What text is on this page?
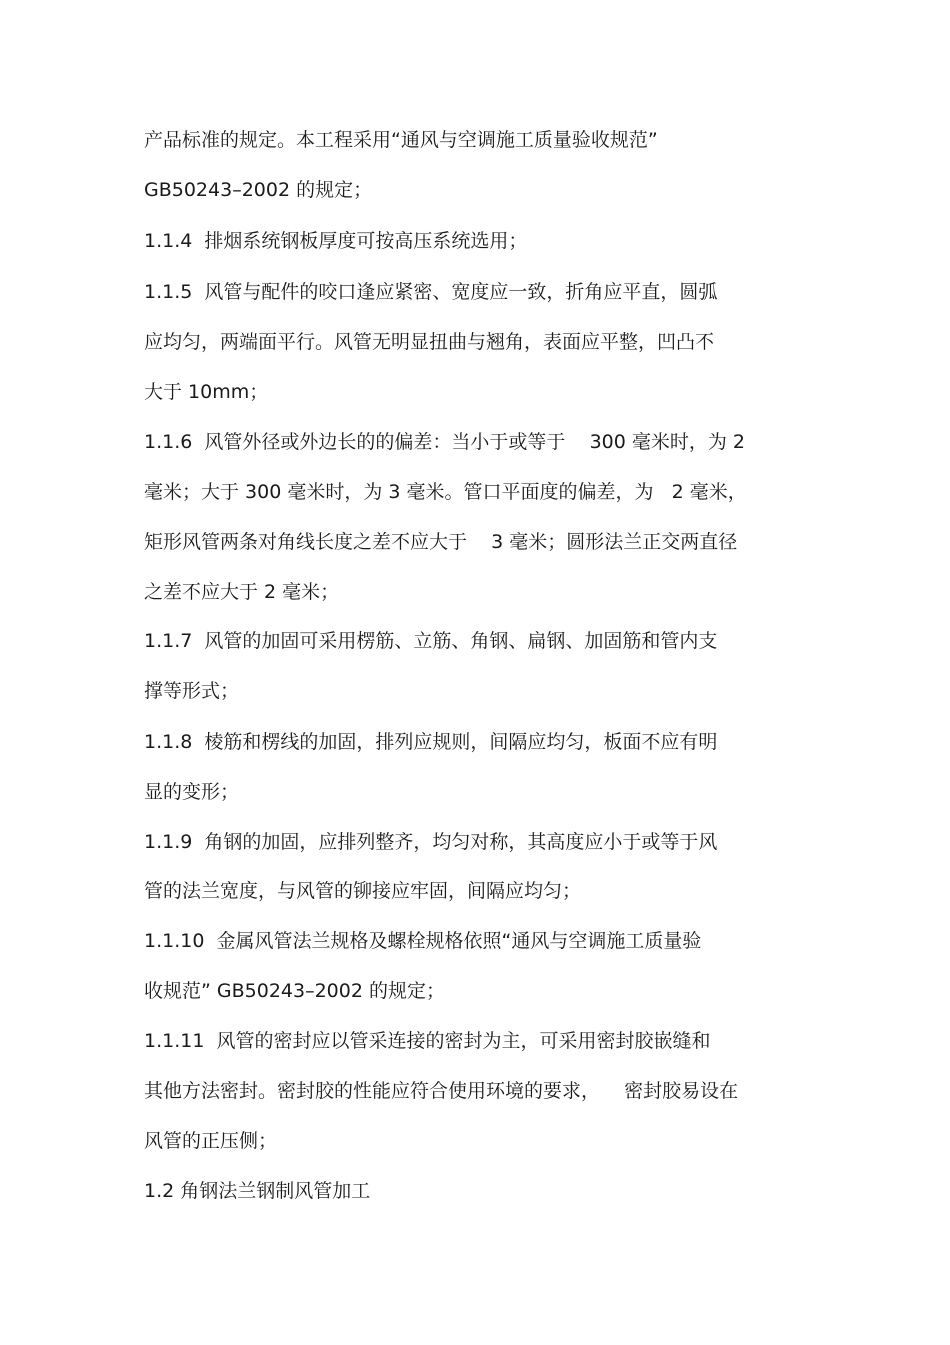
产品标准的规定。本工程采用“通风与空调施工质量验收规范”
GB50243–2002 的规定；
1.1.4  排烟系统钢板厚度可按高压系统选用；
1.1.5  风管与配件的咬口逢应紧密、宽度应一致，折角应平直，圆弧
应均匀，两端面平行。风管无明显扭曲与翘角，表面应平整，凹凸不
大于 10mm；
1.1.6  风管外径或外边长的的偏差：当小于或等于    300 毫米时，为 2
毫米；大于 300 毫米时，为 3 毫米。管口平面度的偏差，为   2 毫米，
矩形风管两条对角线长度之差不应大于    3 毫米；圆形法兰正交两直径
之差不应大于 2 毫米；
1.1.7  风管的加固可采用楞筋、立筋、角钢、扁钢、加固筋和管内支
撑等形式；
1.1.8  棱筋和楞线的加固，排列应规则，间隔应均匀，板面不应有明
显的变形；
1.1.9  角钢的加固，应排列整齐，均匀对称，其高度应小于或等于风
管的法兰宽度，与风管的铆接应牢固，间隔应均匀；
1.1.10  金属风管法兰规格及螺栓规格依照“通风与空调施工质量验
收规范” GB50243–2002 的规定；
1.1.11  风管的密封应以管采连接的密封为主，可采用密封胶嵌缝和
其他方法密封。密封胶的性能应符合使用环境的要求，    密封胶易设在
风管的正压侧；
1.2 角钢法兰钢制风管加工
